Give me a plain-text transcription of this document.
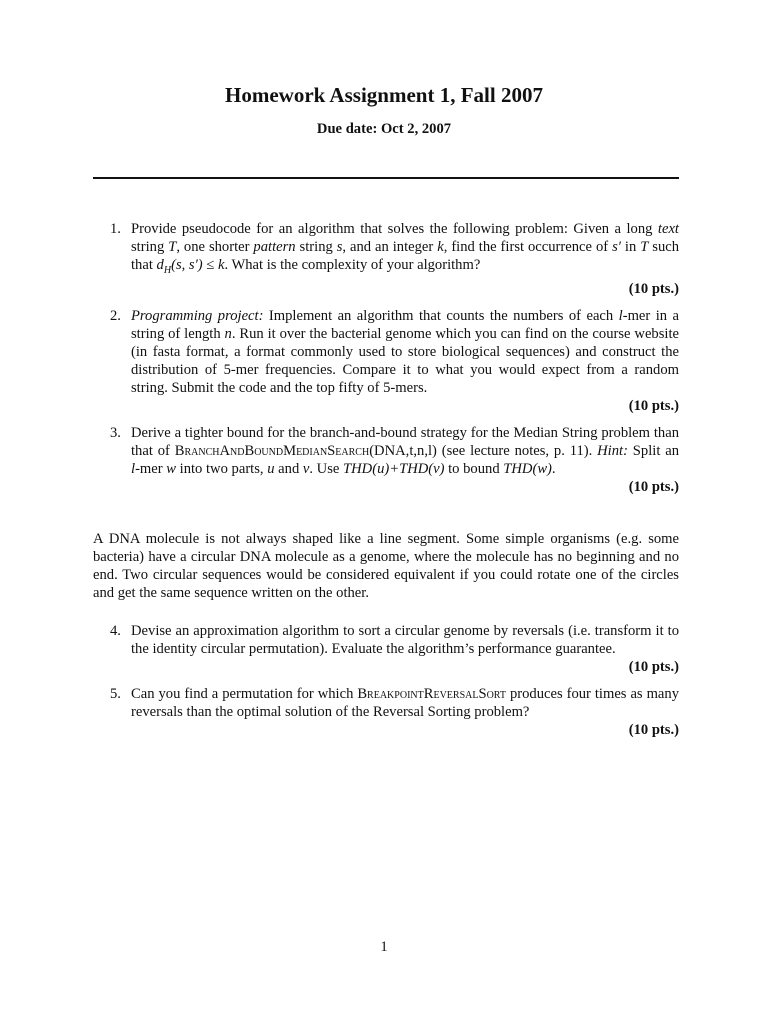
Homework Assignment 1, Fall 2007
Due date: Oct 2, 2007
1. Provide pseudocode for an algorithm that solves the following problem: Given a long text string T, one shorter pattern string s, and an integer k, find the first occurrence of s′ in T such that $d_H(s$, s′) ≤ k. What is the complexity of your algorithm?
(10 pts.)
2. Programming project: Implement an algorithm that counts the numbers of each l-mer in a string of length n. Run it over the bacterial genome which you can find on the course website (in fasta format, a format commonly used to store biological sequences) and construct the distribution of 5-mer frequencies. Compare it to what you would expect from a random string. Submit the code and the top fifty of 5-mers.
(10 pts.)
3. Derive a tighter bound for the branch-and-bound strategy for the Median String problem than that of BranchAndBoundMedianSearch(DNA,t,n,l) (see lecture notes, p. 11). Hint: Split an l-mer w into two parts, u and v. Use THD(u)+THD(v) to bound THD(w).
(10 pts.)
A DNA molecule is not always shaped like a line segment. Some simple organisms (e.g. some bacteria) have a circular DNA molecule as a genome, where the molecule has no beginning and no end. Two circular sequences would be considered equivalent if you could rotate one of the circles and get the same sequence written on the other.
4. Devise an approximation algorithm to sort a circular genome by reversals (i.e. transform it to the identity circular permutation). Evaluate the algorithm’s performance guarantee.
(10 pts.)
5. Can you find a permutation for which BreakpointReversalSort produces four times as many reversals than the optimal solution of the Reversal Sorting problem?
(10 pts.)
1
